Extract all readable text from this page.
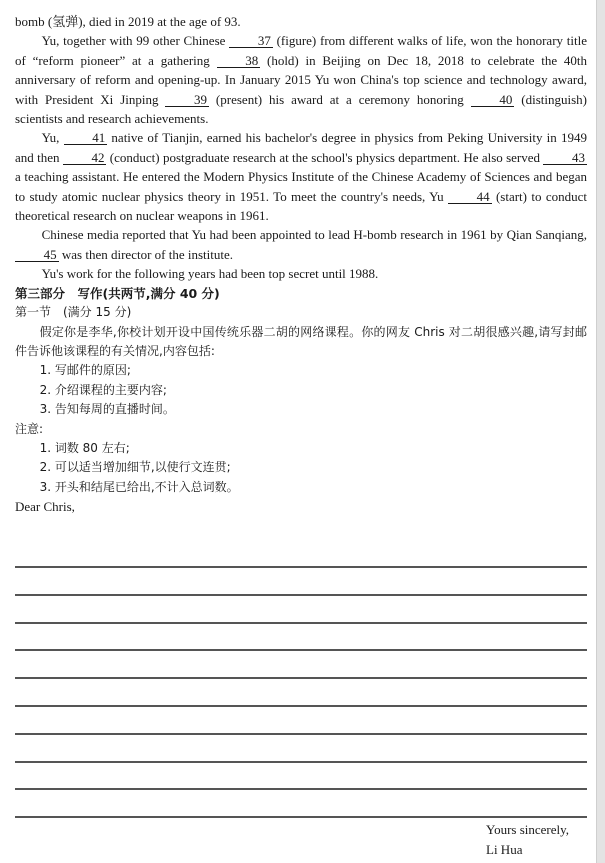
bomb (氢弹), died in 2019 at the age of 93.

Yu, together with 99 other Chinese 37 (figure) from different walks of life, won the honorary title of “reform pioneer” at a gathering 38 (hold) in Beijing on Dec 18, 2018 to celebrate the 40th anniversary of reform and opening-up. In January 2015 Yu won China's top science and technology award, with President Xi Jinping 39 (present) his award at a ceremony honoring 40 (distinguish) scientists and research achievements.

Yu, 41 native of Tianjin, earned his bachelor's degree in physics from Peking University in 1949 and then 42 (conduct) postgraduate research at the school's physics department. He also served 43 a teaching assistant. He entered the Modern Physics Institute of the Chinese Academy of Sciences and began to study atomic nuclear physics theory in 1951. To meet the country's needs, Yu 44 (start) to conduct theoretical research on nuclear weapons in 1961.

Chinese media reported that Yu had been appointed to lead H-bomb research in 1961 by Qian Sanqiang, 45 was then director of the institute.

Yu's work for the following years had been top secret until 1988.

第三部分　写作(共两节,满分 40 分)

第一节　(满分 15 分)

假定你是李华,你校计划开设中国传统乐器二胡的网络课程。你的网友 Chris 对二胡很感兴趣,请写封邮件告诉他该课程的有关情况,内容包括:

1. 写邮件的原因;

2. 介绍课程的主要内容;

3. 告知每周的直播时间。

注意:

1. 词数 80 左右;

2. 可以适当增加细节,以使行文连贯;

3. 开头和结尾已给出,不计入总词数。

Dear Chris,

Yours sincerely,
Li Hua
